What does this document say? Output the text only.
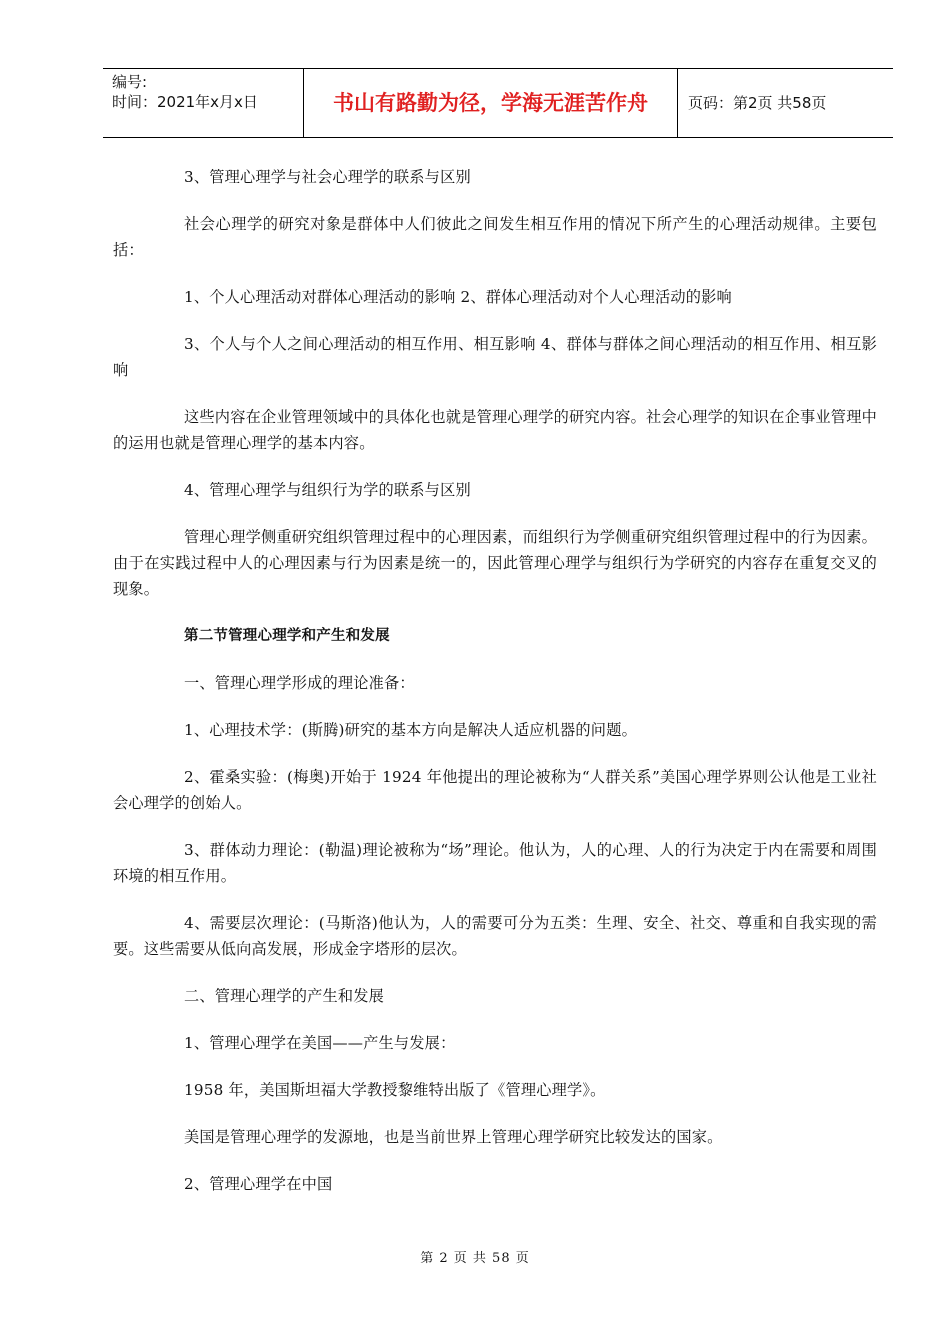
编号:
时间：2021年x月x日	书山有路勤为径，学海无涯苦作舟	页码：第2页 共58页

3、管理心理学与社会心理学的联系与区别

社会心理学的研究对象是群体中人们彼此之间发生相互作用的情况下所产生的心理活动规律。主要包括：

1、个人心理活动对群体心理活动的影响 2、群体心理活动对个人心理活动的影响

3、个人与个人之间心理活动的相互作用、相互影响 4、群体与群体之间心理活动的相互作用、相互影响

这些内容在企业管理领域中的具体化也就是管理心理学的研究内容。社会心理学的知识在企事业管理中的运用也就是管理心理学的基本内容。

4、管理心理学与组织行为学的联系与区别

管理心理学侧重研究组织管理过程中的心理因素，而组织行为学侧重研究组织管理过程中的行为因素。由于在实践过程中人的心理因素与行为因素是统一的，因此管理心理学与组织行为学研究的内容存在重复交叉的现象。

第二节管理心理学和产生和发展

一、管理心理学形成的理论准备：

1、心理技术学：(斯腾)研究的基本方向是解决人适应机器的问题。

2、霍桑实验：(梅奥)开始于 1924 年他提出的理论被称为“人群关系”美国心理学界则公认他是工业社会心理学的创始人。

3、群体动力理论：(勒温)理论被称为“场”理论。他认为，人的心理、人的行为决定于内在需要和周围环境的相互作用。

4、需要层次理论：(马斯洛)他认为，人的需要可分为五类：生理、安全、社交、尊重和自我实现的需要。这些需要从低向高发展，形成金字塔形的层次。

二、管理心理学的产生和发展

1、管理心理学在美国——产生与发展：

1958 年，美国斯坦福大学教授黎维特出版了《管理心理学》。

美国是管理心理学的发源地，也是当前世界上管理心理学研究比较发达的国家。

2、管理心理学在中国

第 2 页 共 58 页
